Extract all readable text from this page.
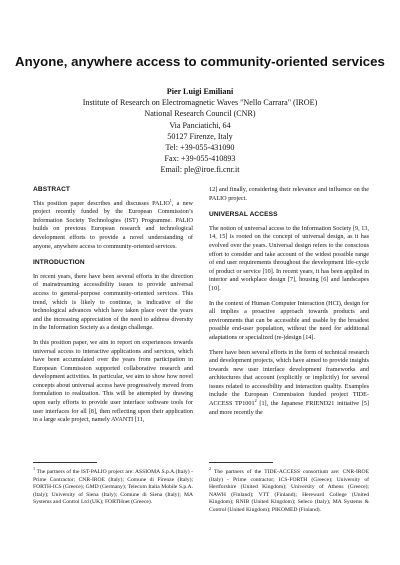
Anyone, anywhere access to community-oriented services
Pier Luigi Emiliani
Institute of Research on Electromagnetic Waves "Nello Carrara" (IROE)
National Research Council (CNR)
Via Panciatichi, 64
50127 Firenze, Italy
Tel: +39-055-431090
Fax: +39-055-410893
Email: ple@iroe.fi.cnr.it
ABSTRACT

This position paper describes and discusses PALIO$^1$, a new project recently funded by the European Commission’s Information Society Technologies (IST) Programme. PALIO builds on previous European research and technological development efforts to provide a novel understanding of anyone, anywhere access to community-oriented services.

INTRODUCTION

In recent years, there have been several efforts in the direction of mainstreaming accessibility issues to provide universal access to general-purpose community-oriented services. This trend, which is likely to continue, is indicative of the technological advances which have taken place over the years and the increasing appreciation of the need to address diversity in the Information Society as a design challenge.

In this position paper, we aim to report on experiences towards universal access to interactive applications and services, which have been accumulated over the years from participation in European Commission supported collaborative research and development activities. In particular, we aim to show how novel concepts about universal access have progressively moved from formulation to realization. This will be attempted by drawing upon early efforts to provide user interface software tools for user interfaces for all [8], then reflecting upon their application in a large scale project, namely AVANTI [11,

12] and finally, considering their relevance and influence on the PALIO project.

UNIVERSAL ACCESS

The notion of universal access to the Information Society [9, 13, 14, 15] is rooted on the concept of universal design, as it has evolved over the years. Universal design refers to the conscious effort to consider and take account of the widest possible range of end user requirements throughout the development life-cycle of product or service [10]. In recent years, it has been applied in interior and workplace design [7], housing [6] and landscapes [10].

In the context of Human Computer Interaction (HCI), design for all implies a proactive approach towards products and environments that can be accessible and usable by the broadest possible end-user population, without the need for additional adaptations or specialized (re-)design [14].

There have been several efforts in the form of technical research and development projects, which have aimed to provide insights towards new user interface development frameworks and architectures that account (explicitly or implicitly) for several issues related to accessibility and interaction quality. Examples include the European Commission funded project TIDE-ACCESS TP1001$^2$ [1], the Japanese FRIEND21 initiative [5] and more recently the

$^1$ The partners of the IST-PALIO project are: ASSIOMA S.p.A.(Italy) - Prime Contractor; CNR-IROE (Italy); Comune di Firenze (Italy); FORTH-ICS (Greece); GMD (Germany); Telecom Italia Mobile S.p.A. (Italy); University of Siena (Italy); Comune di Siena (Italy); MA Systems and Control Ltd (UK); FORTHnet (Greece).
$^2$ The partners of the TIDE-ACCESS consortium are: CNR-IROE (Italy) - Prime contractor; ICS-FORTH (Greece); University of Hertforshire (United Kingdom); University of Athens (Greece); NAWH (Finland); VTT (Finland); Hereward College (United Kingdom); RNIB (United Kingdom); Seleco (Italy); MA Systems & Control (United Kingdom); PIKOMED (Finland).
